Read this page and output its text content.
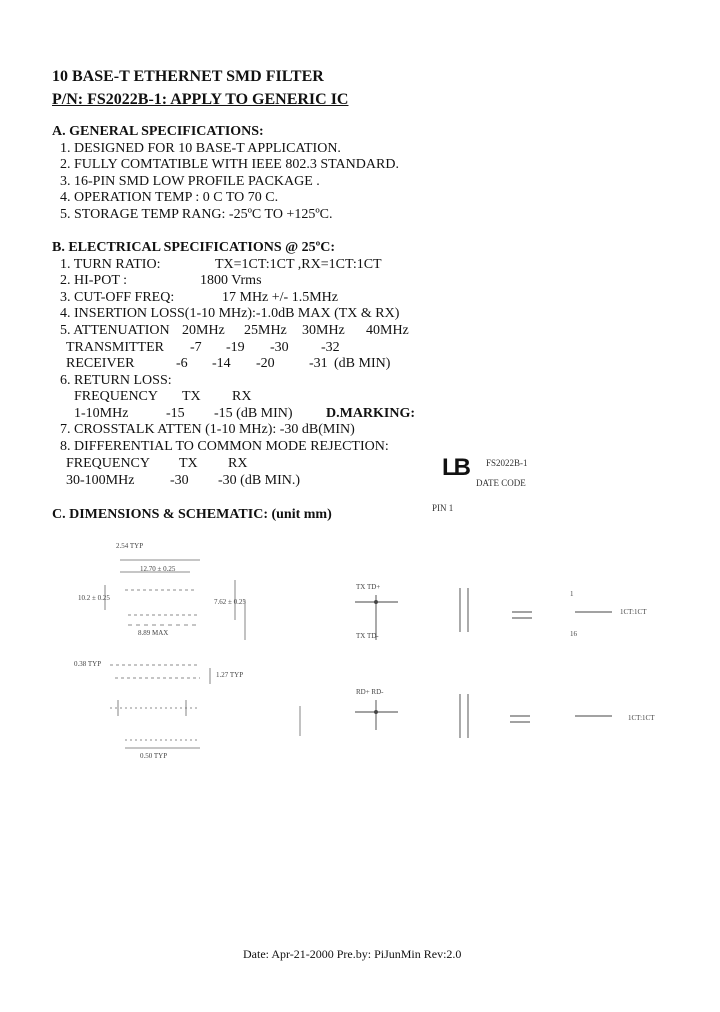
10 BASE-T ETHERNET SMD FILTER
P/N: FS2022B-1: APPLY TO GENERIC IC
A. GENERAL SPECIFICATIONS:
1. DESIGNED FOR 10 BASE-T APPLICATION.
2. FULLY COMTATIBLE WITH IEEE 802.3 STANDARD.
3. 16-PIN SMD LOW PROFILE PACKAGE .
4. OPERATION TEMP : 0 C TO 70 C.
5. STORAGE TEMP RANG: -25ºC TO +125ºC.
B. ELECTRICAL SPECIFICATIONS @ 25ºC:
1. TURN RATIO:	TX=1CT:1CT ,RX=1CT:1CT
2. HI-POT :	1800 Vrms
3. CUT-OFF FREQ:	17 MHz +/- 1.5MHz
4. INSERTION LOSS(1-10 MHz):-1.0dB MAX (TX & RX)
5. ATTENUATION 20MHz 25MHz 30MHz 40MHz
TRANSMITTER -7 -19 -30 -32
RECEIVER	-6 -14 -20 -31 (dB MIN)
6. RETURN LOSS:
FREQUENCY TX RX
1-10MHz	-15 -15 (dB MIN) D.MARKING:
7. CROSSTALK ATTEN (1-10 MHz): -30 dB(MIN)
8. DIFFERENTIAL TO COMMON MODE REJECTION:
FREQUENCY TX RX
30-100MHz	-30 -30 (dB MIN.)	LB FS2022B-1
DATE CODE
PIN 1
C. DIMENSIONS & SCHEMATIC: (unit mm)
2.54 TYP
12.70 ± 0.25
10.2 ± 0.25	7.62 ± 0.25
8.89 MAX
0.38 TYP
1.27 TYP
0.50 TYP
TX TD+
TX TD-
RD+ RD-
1CT:1CT
1CT:1CT
1
16
Date: Apr-21-2000 Pre.by: PiJunMin Rev:2.0
